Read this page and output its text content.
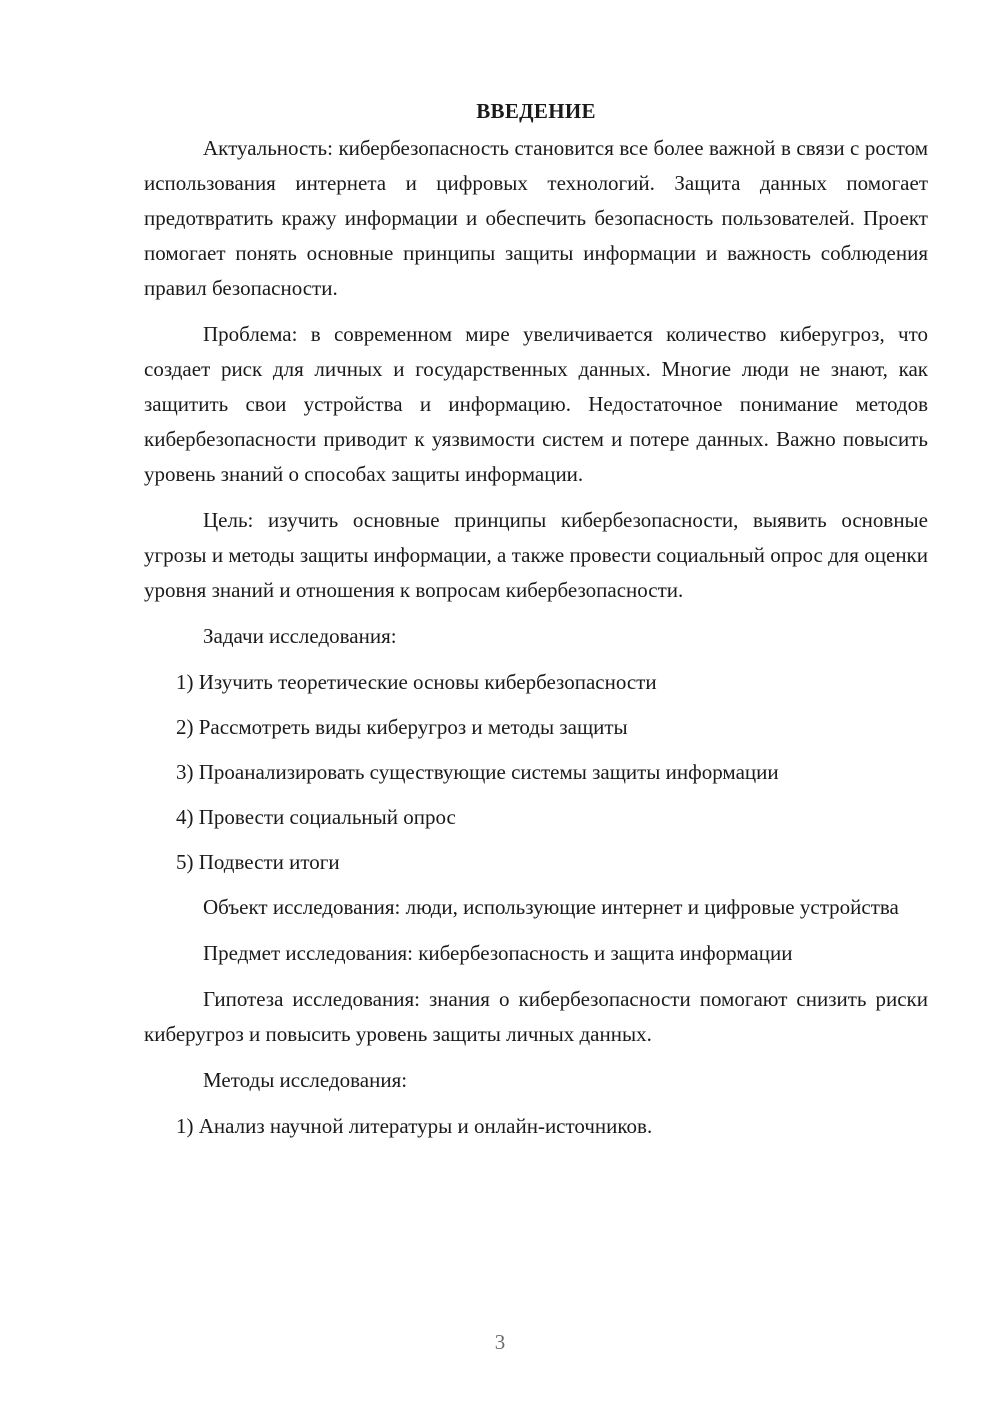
ВВЕДЕНИЕ

Актуальность: кибербезопасность становится все более важной в связи с ростом использования интернета и цифровых технологий. Защита данных помогает предотвратить кражу информации и обеспечить безопасность пользователей. Проект помогает понять основные принципы защиты информации и важность соблюдения правил безопасности.

Проблема: в современном мире увеличивается количество киберугроз, что создает риск для личных и государственных данных. Многие люди не знают, как защитить свои устройства и информацию. Недостаточное понимание методов кибербезопасности приводит к уязвимости систем и потере данных. Важно повысить уровень знаний о способах защиты информации.

Цель: изучить основные принципы кибербезопасности, выявить основные угрозы и методы защиты информации, а также провести социальный опрос для оценки уровня знаний и отношения к вопросам кибербезопасности.

Задачи исследования:

1) Изучить теоретические основы кибербезопасности
2) Рассмотреть виды киберугроз и методы защиты
3) Проанализировать существующие системы защиты информации
4) Провести социальный опрос
5) Подвести итоги

Объект исследования: люди, использующие интернет и цифровые устройства

Предмет исследования: кибербезопасность и защита информации

Гипотеза исследования: знания о кибербезопасности помогают снизить риски киберугроз и повысить уровень защиты личных данных.

Методы исследования:

1) Анализ научной литературы и онлайн-источников.
3
